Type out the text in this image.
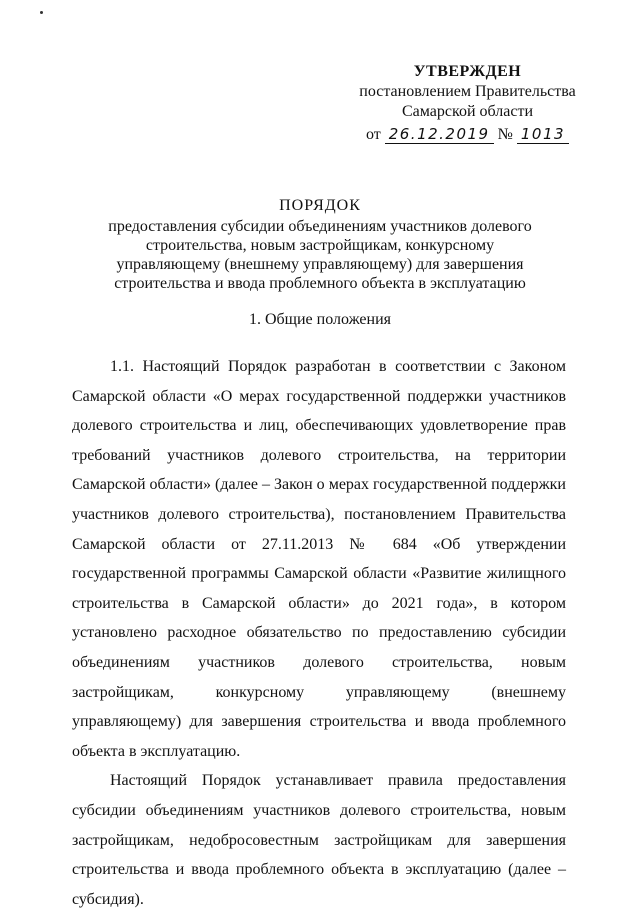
УТВЕРЖДЕН
постановлением Правительства
Самарской области
от 26.12.2019 № 1013
ПОРЯДОК
предоставления субсидии объединениям участников долевого строительства, новым застройщикам, конкурсному управляющему (внешнему управляющему) для завершения строительства и ввода проблемного объекта в эксплуатацию
1. Общие положения

1.1. Настоящий Порядок разработан в соответствии с Законом Самарской области «О мерах государственной поддержки участников долевого строительства и лиц, обеспечивающих удовлетворение прав требований участников долевого строительства, на территории Самарской области» (далее – Закон о мерах государственной поддержки участников долевого строительства), постановлением Правительства Самарской области от 27.11.2013 № 684 «Об утверждении государственной программы Самарской области «Развитие жилищного строительства в Самарской области» до 2021 года», в котором установлено расходное обязательство по предоставлению субсидии объединениям участников долевого строительства, новым застройщикам, конкурсному управляющему (внешнему управляющему) для завершения строительства и ввода проблемного объекта в эксплуатацию.

Настоящий Порядок устанавливает правила предоставления субсидии объединениям участников долевого строительства, новым застройщикам, недобросовестным застройщикам для завершения строительства и ввода проблемного объекта в эксплуатацию (далее – субсидия).
